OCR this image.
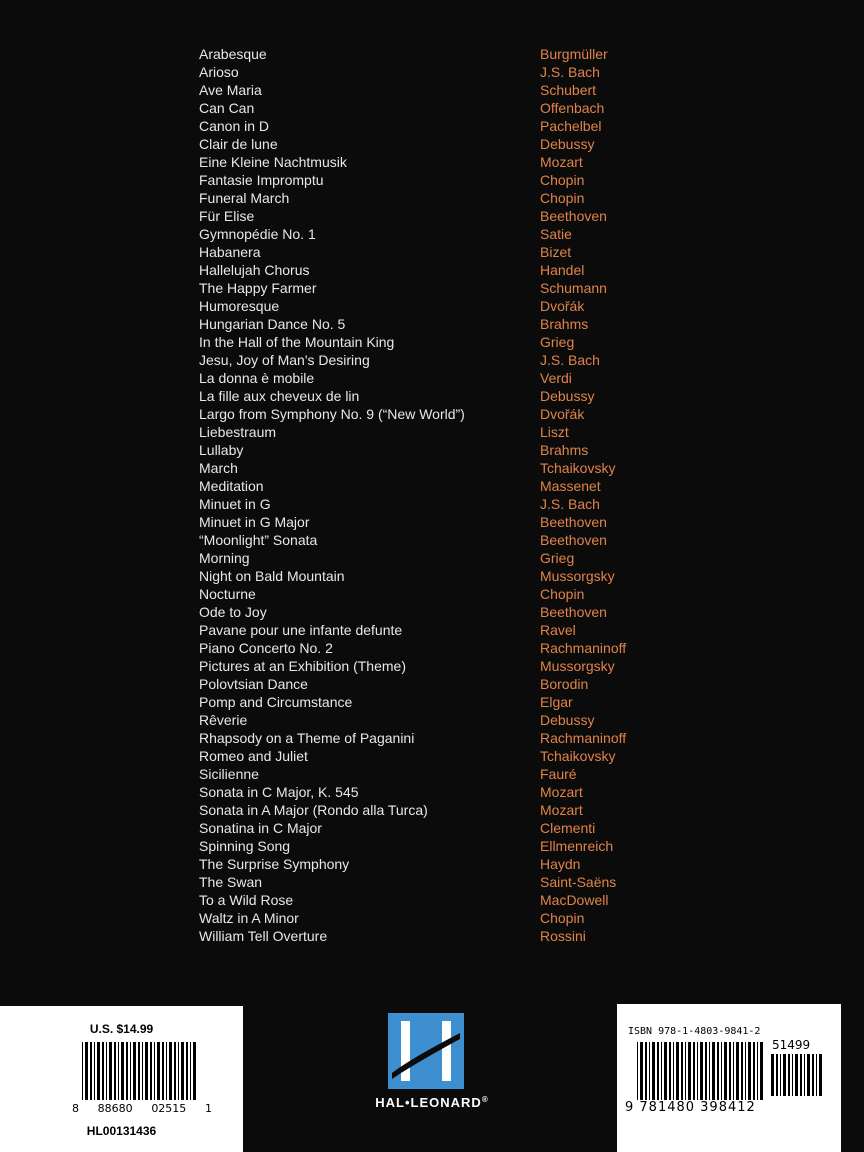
Arabesque	Burgmüller
Arioso	J.S. Bach
Ave Maria	Schubert
Can Can	Offenbach
Canon in D	Pachelbel
Clair de lune	Debussy
Eine Kleine Nachtmusik	Mozart
Fantasie Impromptu	Chopin
Funeral March	Chopin
Für Elise	Beethoven
Gymnopédie No. 1	Satie
Habanera	Bizet
Hallelujah Chorus	Handel
The Happy Farmer	Schumann
Humoresque	Dvořák
Hungarian Dance No. 5	Brahms
In the Hall of the Mountain King	Grieg
Jesu, Joy of Man's Desiring	J.S. Bach
La donna è mobile	Verdi
La fille aux cheveux de lin	Debussy
Largo from Symphony No. 9 (“New World”)	Dvořák
Liebestraum	Liszt
Lullaby	Brahms
March	Tchaikovsky
Meditation	Massenet
Minuet in G	J.S. Bach
Minuet in G Major	Beethoven
“Moonlight” Sonata	Beethoven
Morning	Grieg
Night on Bald Mountain	Mussorgsky
Nocturne	Chopin
Ode to Joy	Beethoven
Pavane pour une infante defunte	Ravel
Piano Concerto No. 2	Rachmaninoff
Pictures at an Exhibition (Theme)	Mussorgsky
Polovtsian Dance	Borodin
Pomp and Circumstance	Elgar
Rêverie	Debussy
Rhapsody on a Theme of Paganini	Rachmaninoff
Romeo and Juliet	Tchaikovsky
Sicilienne	Fauré
Sonata in C Major, K. 545	Mozart
Sonata in A Major (Rondo alla Turca)	Mozart
Sonatina in C Major	Clementi
Spinning Song	Ellmenreich
The Surprise Symphony	Haydn
The Swan	Saint-Saëns
To a Wild Rose	MacDowell
Waltz in A Minor	Chopin
William Tell Overture	Rossini
U.S. $14.99
8 88680 02515 1
HL00131436
HAL•LEONARD®
ISBN 978-1-4803-9841-2
51499
9 781480 398412
